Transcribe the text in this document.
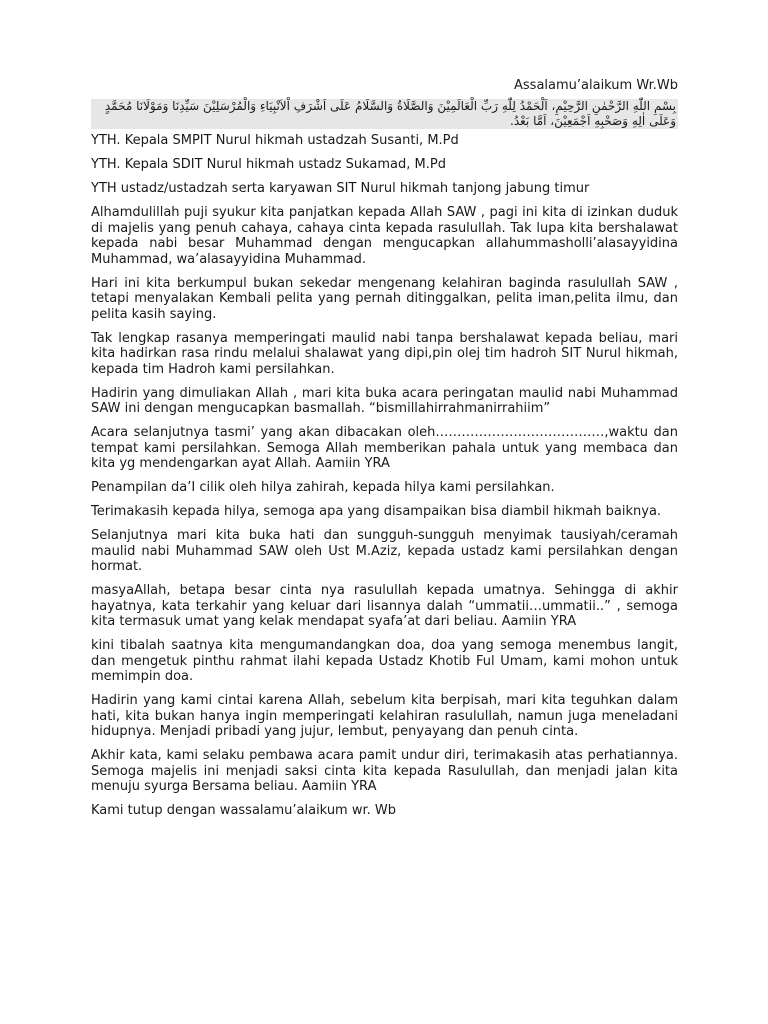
Assalamu’alaikum Wr.Wb

بِسْمِ اللّٰهِ الرَّحْمٰنِ الرَّحِيْمِ، اَلْحَمْدُ لِلّٰهِ رَبِّ الْعَالَمِيْنَ وَالصَّلَاةُ وَالسَّلَامُ عَلَى اَشْرَفِ اْلاَنْبِيَاءِ وَالْمُرْسَلِيْنَ سَيِّدِنَا وَمَوْلَانَا مُحَمَّدٍ وَعَلَى اٰلِهِ وَصَحْبِهِ اَجْمَعِيْنَ، اَمَّا بَعْدُ.

YTH. Kepala SMPIT Nurul hikmah ustadzah Susanti, M.Pd

YTH. Kepala SDIT Nurul hikmah ustadz Sukamad, M.Pd

YTH ustadz/ustadzah serta karyawan SIT Nurul hikmah tanjong jabung timur

Alhamdulillah puji syukur kita panjatkan kepada Allah SAW , pagi ini kita di izinkan duduk di majelis yang penuh cahaya, cahaya cinta kepada rasulullah. Tak lupa kita bershalawat kepada nabi besar Muhammad dengan mengucapkan allahummasholli’alasayyidina Muhammad, wa’alasayyidina Muhammad.

Hari ini kita berkumpul bukan sekedar mengenang kelahiran baginda rasulullah SAW , tetapi menyalakan Kembali pelita yang pernah ditinggalkan, pelita iman,pelita ilmu, dan pelita kasih saying.

Tak lengkap rasanya memperingati maulid nabi tanpa bershalawat kepada beliau, mari kita hadirkan rasa rindu melalui shalawat yang dipi,pin olej tim hadroh SIT Nurul hikmah, kepada tim Hadroh kami persilahkan.

Hadirin yang dimuliakan Allah , mari kita buka acara peringatan maulid nabi Muhammad SAW ini dengan mengucapkan basmallah. “bismillahirrahmanirrahiim”

Acara selanjutnya tasmi’ yang akan dibacakan oleh…………………………………,waktu dan tempat kami persilahkan. Semoga Allah memberikan pahala untuk yang membaca dan kita yg mendengarkan ayat Allah. Aamiin YRA

Penampilan da’I cilik oleh hilya zahirah, kepada hilya kami persilahkan.

Terimakasih kepada hilya, semoga apa yang disampaikan bisa diambil hikmah baiknya.

Selanjutnya mari kita buka hati dan sungguh-sungguh menyimak tausiyah/ceramah maulid nabi Muhammad SAW oleh Ust M.Aziz, kepada ustadz kami persilahkan dengan hormat.

masyaAllah, betapa besar cinta nya rasulullah kepada umatnya. Sehingga di akhir hayatnya, kata terkahir yang keluar dari lisannya dalah “ummatii…ummatii..” , semoga kita termasuk umat yang kelak mendapat syafa’at dari beliau. Aamiin YRA

kini tibalah saatnya kita mengumandangkan doa, doa yang semoga menembus langit, dan mengetuk pinthu rahmat ilahi kepada Ustadz Khotib Ful Umam, kami mohon untuk memimpin doa.

Hadirin yang kami cintai karena Allah, sebelum kita berpisah, mari kita teguhkan dalam hati, kita bukan hanya ingin memperingati kelahiran rasulullah, namun juga meneladani hidupnya. Menjadi pribadi yang jujur, lembut, penyayang dan penuh cinta.

Akhir kata, kami selaku pembawa acara pamit undur diri, terimakasih atas perhatiannya. Semoga majelis ini menjadi saksi cinta kita kepada Rasulullah, dan menjadi jalan kita menuju syurga Bersama beliau. Aamiin YRA

Kami tutup dengan wassalamu’alaikum wr. Wb
